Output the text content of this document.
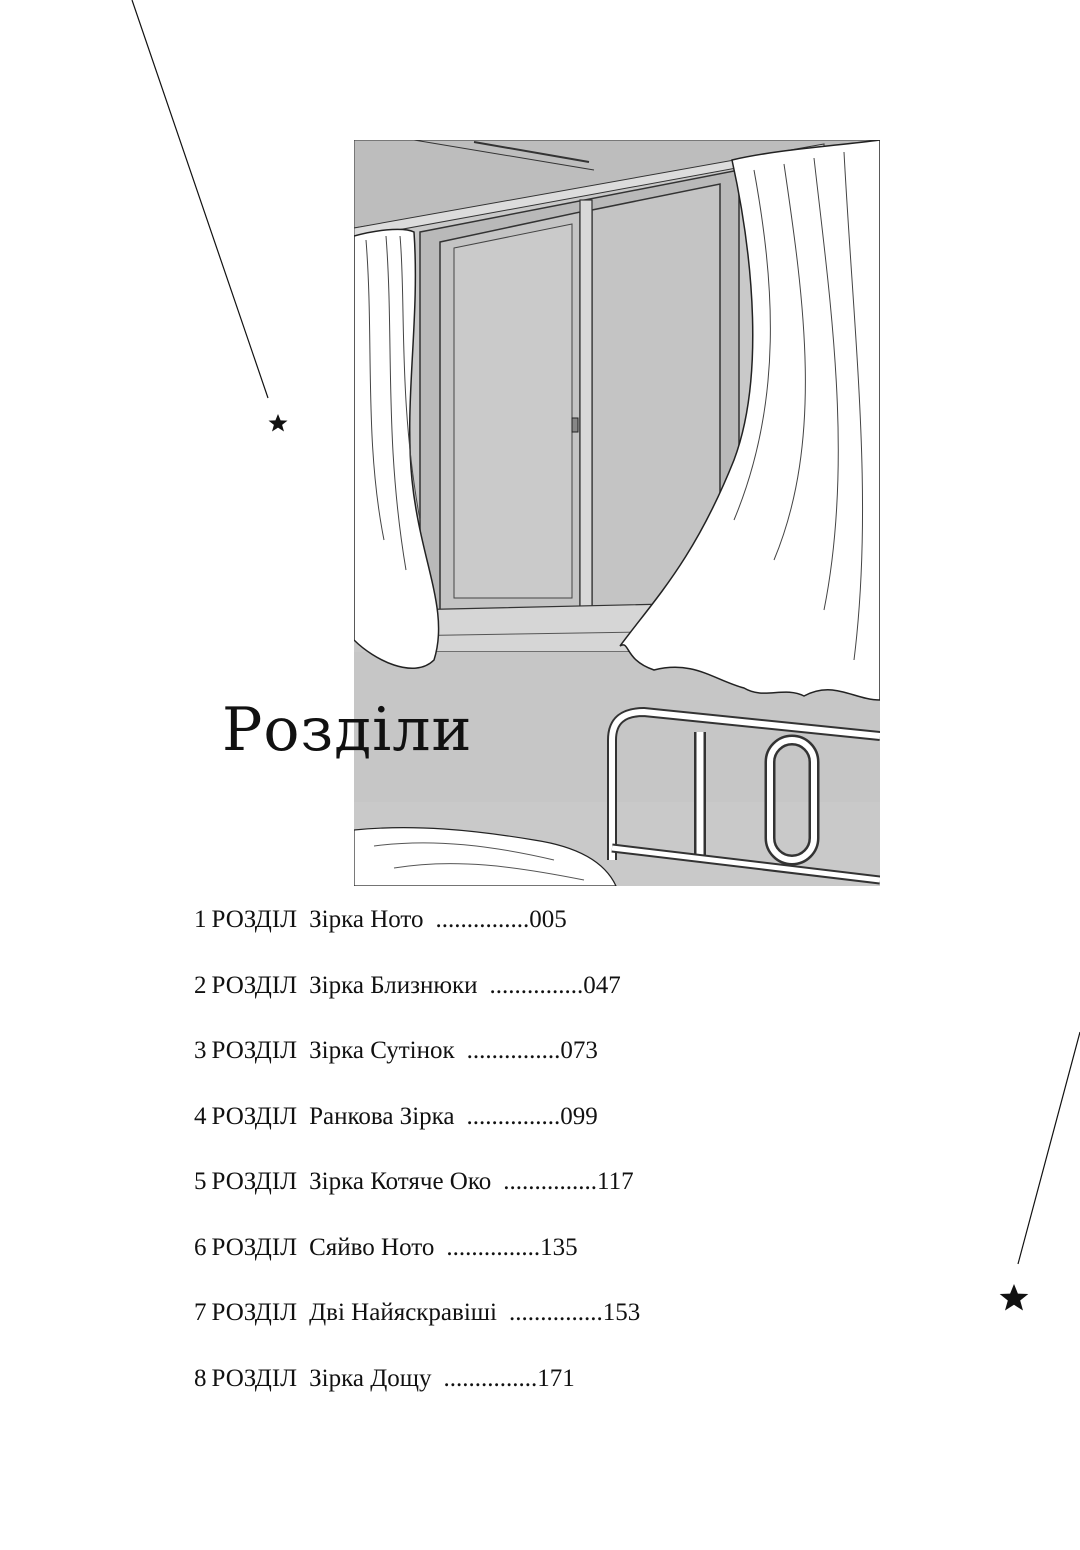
Розділи
1 РОЗДІЛ Зірка Ното ............... 005
2 РОЗДІЛ Зірка Близнюки ............... 047
3 РОЗДІЛ Зірка Сутінок ............... 073
4 РОЗДІЛ Ранкова Зірка ............... 099
5 РОЗДІЛ Зірка Котяче Око ............... 117
6 РОЗДІЛ Сяйво Ното ............... 135
7 РОЗДІЛ Дві Найяскравіші ............... 153
8 РОЗДІЛ Зірка Дощу ............... 171
